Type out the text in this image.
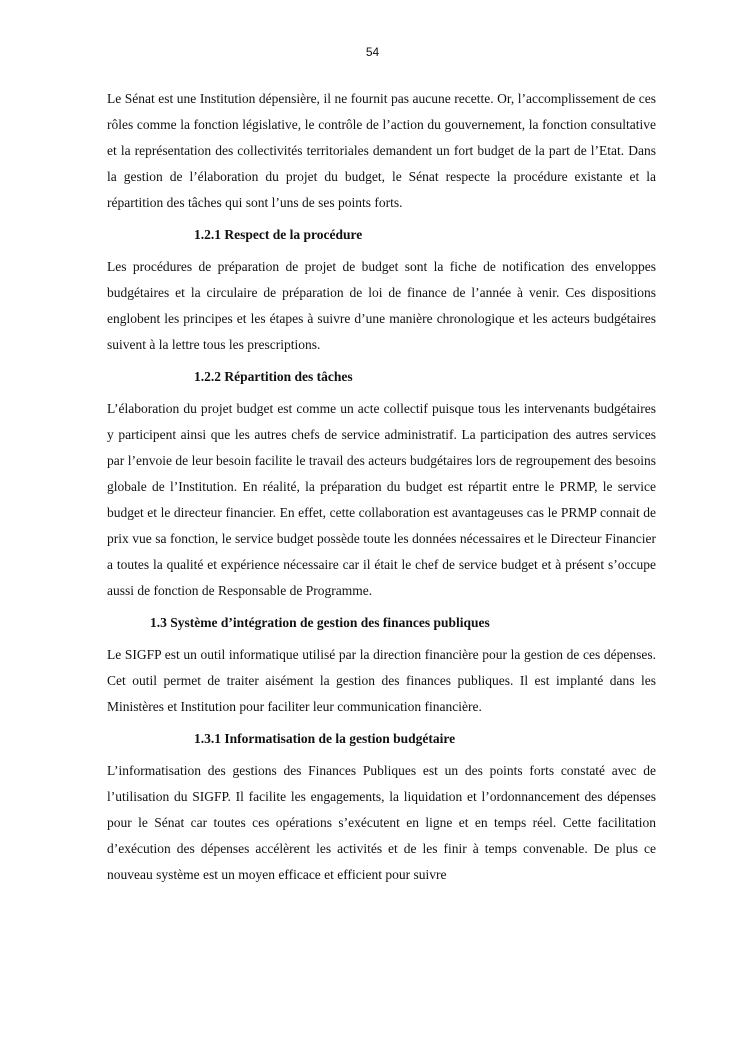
54

Le Sénat est une Institution dépensière, il ne fournit pas aucune recette. Or, l’accomplissement de ces rôles comme la fonction législative, le contrôle de l’action du gouvernement, la fonction consultative et la représentation des collectivités territoriales demandent un fort budget de la part de l’Etat. Dans la gestion de l’élaboration du projet du budget, le Sénat respecte la procédure existante et la répartition des tâches qui sont l’uns de ses points forts.

1.2.1 Respect de la procédure

Les procédures de préparation de projet de budget sont la fiche de notification des enveloppes budgétaires et la circulaire de préparation de loi de finance de l’année à venir. Ces dispositions englobent les principes et les étapes à suivre d’une manière chronologique et les acteurs budgétaires suivent à la lettre tous les prescriptions.

1.2.2 Répartition des tâches

L’élaboration du projet budget est comme un acte collectif puisque tous les intervenants budgétaires y participent ainsi que les autres chefs de service administratif. La participation des autres services par l’envoie de leur besoin facilite le travail des acteurs budgétaires lors de regroupement des besoins globale de l’Institution. En réalité, la préparation du budget est répartit entre le PRMP, le service budget et le directeur financier. En effet, cette collaboration est avantageuses cas le PRMP connait de prix vue sa fonction, le service budget possède toute les données nécessaires et le Directeur Financier a toutes la qualité et expérience nécessaire car il était le chef de service budget et à présent s’occupe aussi de fonction de Responsable de Programme.

1.3 Système d’intégration de gestion des finances publiques

Le SIGFP est un outil informatique utilisé par la direction financière pour la gestion de ces dépenses. Cet outil permet de traiter aisément la gestion des finances publiques. Il est implanté dans les Ministères et Institution pour faciliter leur communication financière.

1.3.1 Informatisation de la gestion budgétaire

L’informatisation des gestions des Finances Publiques est un des points forts constaté avec de l’utilisation du SIGFP. Il facilite les engagements, la liquidation et l’ordonnancement des dépenses pour le Sénat car toutes ces opérations s’exécutent en ligne et en temps réel. Cette facilitation d’exécution des dépenses accélèrent les activités et de les finir à temps convenable. De plus ce nouveau système est un moyen efficace et efficient pour suivre
